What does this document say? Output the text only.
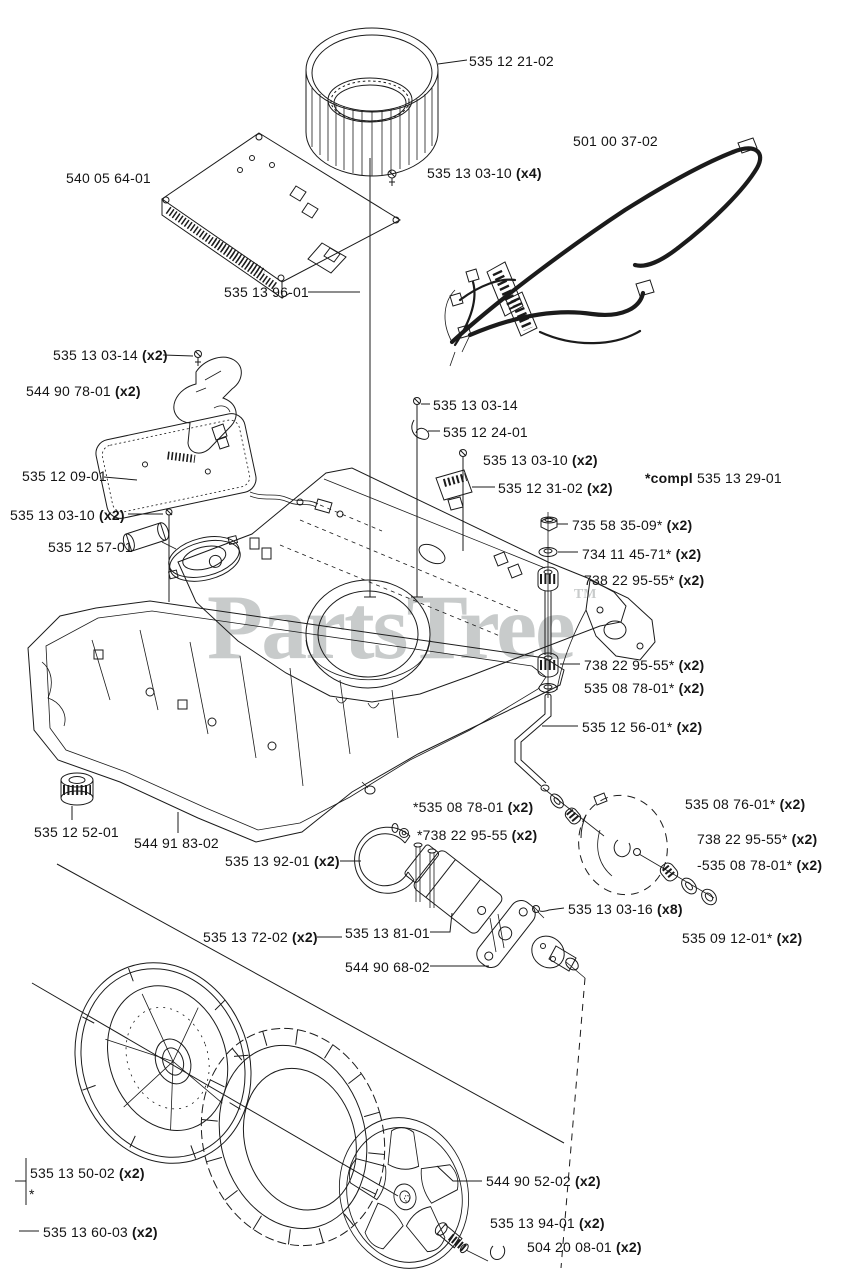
PartsTree™
535 12 21-02
540 05 64-01
501 00 37-02
535 13 03-10 (x4)
535 13 96-01
535 13 03-14 (x2)
544 90 78-01 (x2)
535 12 09-01
535 13 03-10 (x2)
535 12 57-01
535 13 03-14
535 12 24-01
535 13 03-10 (x2)
535 12 31-02 (x2)
*compl 535 13 29-01
735 58 35-09* (x2)
734 11 45-71* (x2)
738 22 95-55* (x2)
738 22 95-55* (x2)
535 08 78-01* (x2)
535 12 56-01* (x2)
*535 08 78-01 (x2)
*738 22 95-55 (x2)
535 08 76-01* (x2)
738 22 95-55* (x2)
-535 08 78-01* (x2)
535 12 52-01
544 91 83-02
535 13 92-01 (x2)
535 13 03-16 (x8)
535 09 12-01* (x2)
535 13 72-02 (x2) 535 13 81-01
544 90 68-02
535 13 50-02 (x2)
*
535 13 60-03 (x2)
544 90 52-02 (x2)
535 13 94-01 (x2)
504 20 08-01 (x2)
